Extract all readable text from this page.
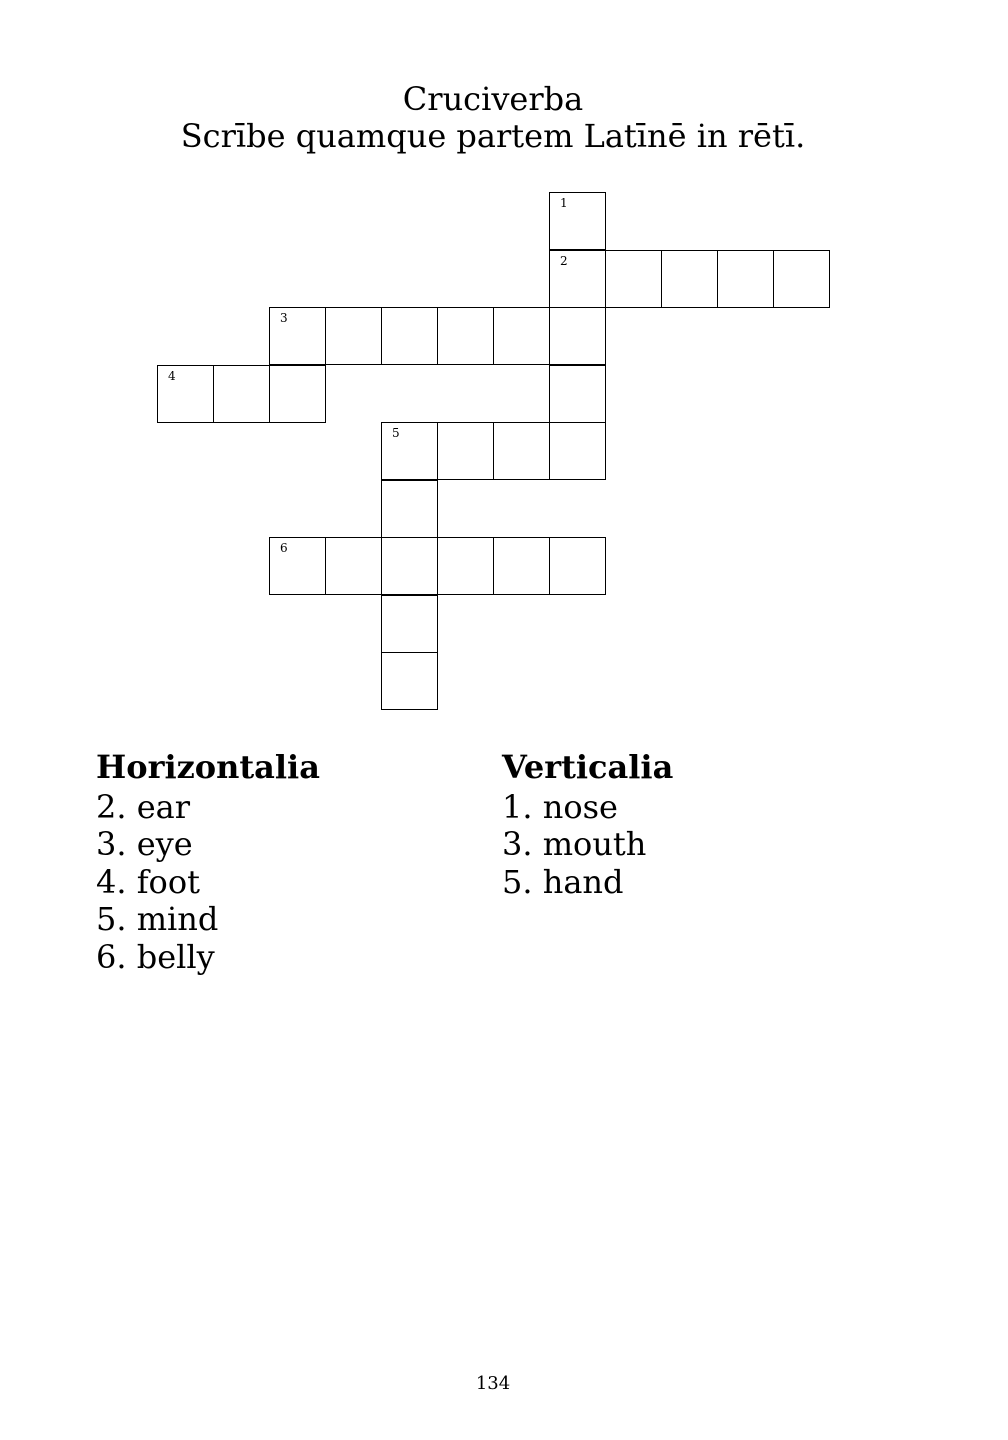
Cruciverba
Scrībe quamque partem Latīnē in rētī.
1
2
3
4
5
6
Horizontalia
2. ear
3. eye
4. foot
5. mind
6. belly
Verticalia
1. nose
3. mouth
5. hand
134
